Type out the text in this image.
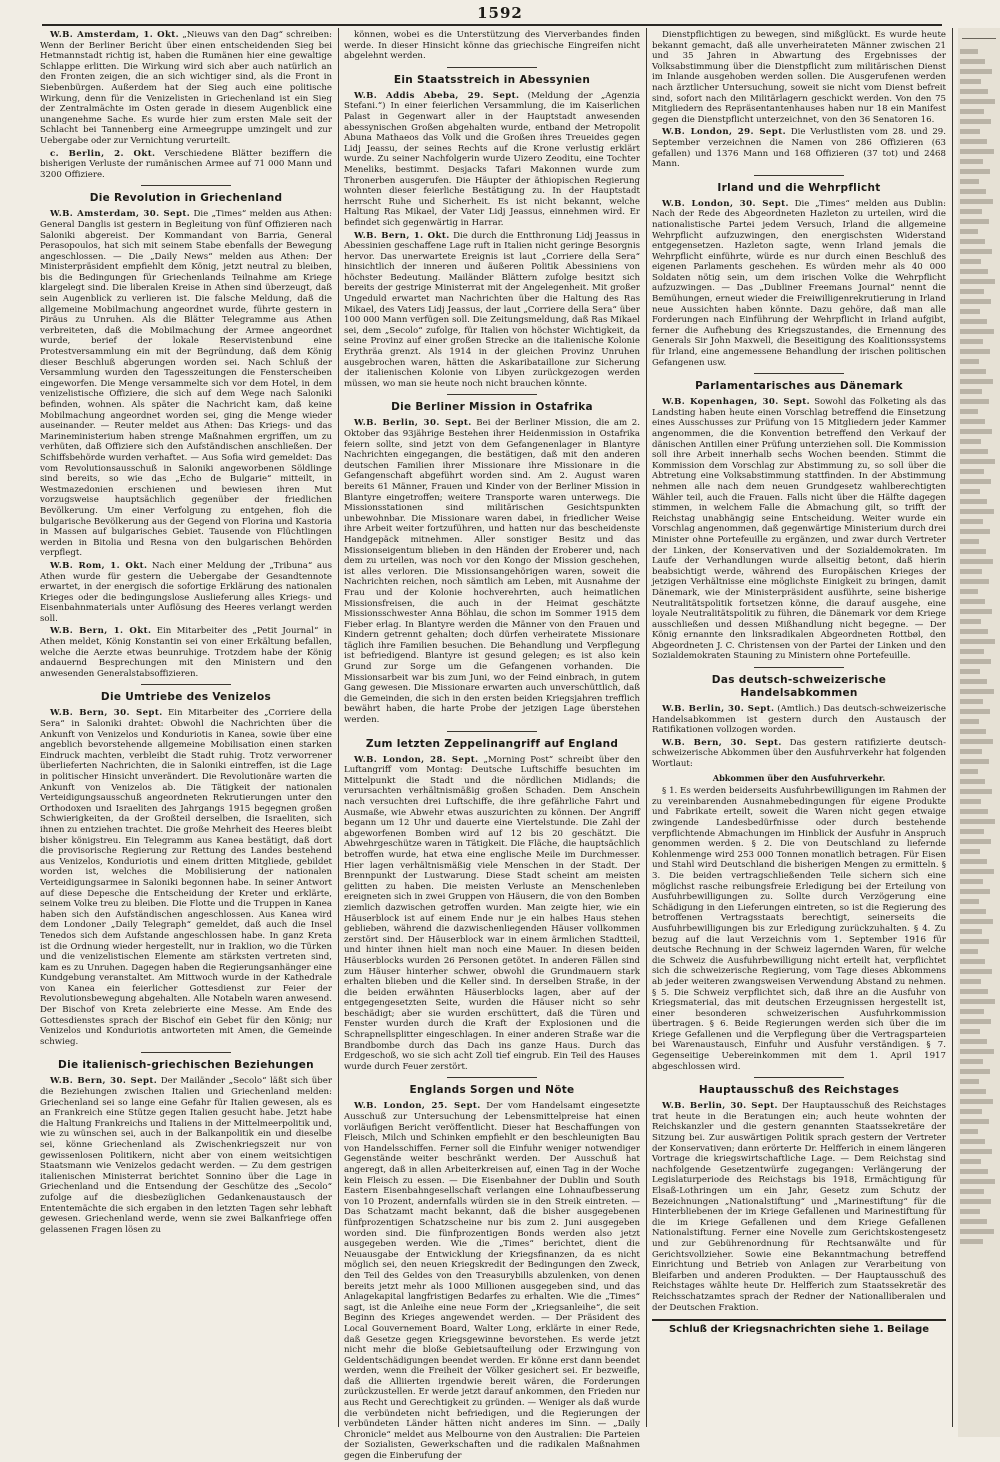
1592
W.B. Amsterdam, 1. Okt. „Nieuws van den Dag“ schreiben: Wenn der Berliner Bericht über einen entscheidenden Sieg bei Hetmannstadt richtig ist, haben die Rumänen hier eine gewaltige Schlappe erlitten. Die Wirkung wird sich aber auch natürlich an den Fronten zeigen, die an sich wichtiger sind, als die Front in Siebenbürgen. Außerdem hat der Sieg auch eine politische Wirkung, denn für die Venizelisten in Griechenland ist ein Sieg der Zentralmächte im Osten gerade in diesem Augenblick eine unangenehme Sache. Es wurde hier zum ersten Male seit der Schlacht bei Tannenberg eine Armeegruppe umzingelt und zur Uebergabe oder zur Vernichtung verurteilt.
c. Berlin, 2. Okt. Verschiedene Blätter beziffern die bisherigen Verluste der rumänischen Armee auf 71 000 Mann und 3200 Offiziere.
Die Revolution in Griechenland
W.B. Amsterdam, 30. Sept. Die „Times“ melden aus Athen: General Danglis ist gestern in Begleitung von fünf Offizieren nach Saloniki abgereist. Der Kommandant von Barria, General Perasopoulos, hat sich mit seinem Stabe ebenfalls der Bewegung angeschlossen. — Die „Daily News“ melden aus Athen: Der Ministerpräsident empfiehlt dem König, jetzt neutral zu bleiben, bis die Bedingungen für Griechenlands Teilnahme am Kriege klargelegt sind. Die liberalen Kreise in Athen sind überzeugt, daß sein Augenblick zu verlieren ist. Die falsche Meldung, daß die allgemeine Mobilmachung angeordnet wurde, führte gestern in Piräus zu Unruhen. Als die Blätter Telegramme aus Athen verbreiteten, daß die Mobilmachung der Armee angeordnet wurde, berief der lokale Reservistenbund eine Protestversammlung ein mit der Begründung, daß dem König dieser Beschluß abgerungen worden sei. Nach Schluß der Versammlung wurden den Tagesszeitungen die Fensterscheiben eingeworfen. Die Menge versammelte sich vor dem Hotel, in dem venizelistische Offiziere, die sich auf dem Wege nach Saloniki befinden, wohnen. Als später die Nachricht kam, daß keine Mobilmachung angeordnet worden sei, ging die Menge wieder auseinander. — Reuter meldet aus Athen: Das Kriegs- und das Marineministerium haben strenge Maßnahmen ergriffen, um zu verhüten, daß Offiziere sich den Aufständischen anschließen. Der Schiffsbehörde wurden verhaftet. — Aus Sofia wird gemeldet: Das vom Revolutionsausschuß in Saloniki angeworbenen Söldlinge sind bereits, so wie das „Echo de Bulgarie“ mitteilt, in Westmazedonien erschienen und bewiesen ihren Mut vorzugsweise hauptsächlich gegenüber der friedlichen Bevölkerung. Um einer Verfolgung zu entgehen, floh die bulgarische Bevölkerung aus der Gegend von Florina und Kastoria in Massen auf bulgarisches Gebiet. Tausende von Flüchtlingen werden in Bitolia und Resna von den bulgarischen Behörden verpflegt.
W.B. Rom, 1. Okt. Nach einer Meldung der „Tribuna“ aus Athen wurde für gestern die Uebergabe der Gesandtennote erwartet, in der energisch die sofortige Erklärung des nationalen Krieges oder die bedingungslose Auslieferung alles Kriegs- und Eisenbahnmaterials unter Auflösung des Heeres verlangt werden soll.
W.B. Bern, 1. Okt. Ein Mitarbeiter des „Petit Journal“ in Athen meldet, König Konstantin sei von einer Erkältung befallen, welche die Aerzte etwas beunruhige. Trotzdem habe der König andauernd Besprechungen mit den Ministern und den anwesenden Generalstabsoffizieren.
Die Umtriebe des Venizelos
W.B. Bern, 30. Sept. Ein Mitarbeiter des „Corriere della Sera“ in Saloniki drahtet: Obwohl die Nachrichten über die Ankunft von Venizelos und Konduriotis in Kanea, sowie über eine angeblich bevorstehende allgemeine Mobilisation einen starken Eindruck machten, verbleibt die Stadt ruhig. Trotz verworrener überlieferten Nachrichten, die in Saloniki eintreffen, ist die Lage in politischer Hinsicht unverändert. Die Revolutionäre warten die Ankunft von Venizelos ab. Die Tätigkeit der nationalen Verteidigungsausschuß angeordneten Rekrutierungen unter den Orthodoxen und Israeliten des Jahrgangs 1915 begegnen großen Schwierigkeiten, da der Großteil derselben, die Israeliten, sich ihnen zu entziehen trachtet. Die große Mehrheit des Heeres bleibt bisher königstreu. Ein Telegramm aus Kanea bestätigt, daß dort die provisorische Regierung zur Rettung des Landes bestehend aus Venizelos, Konduriotis und einem dritten Mitgliede, gebildet worden ist, welches die Mobilisierung der nationalen Verteidigungsarmee in Saloniki begonnen habe. In seiner Antwort auf diese Depesche die Entscheidung der Kreter und erklärte, seinem Volke treu zu bleiben. Die Flotte und die Truppen in Kanea haben sich den Aufständischen angeschlossen. Aus Kanea wird dem Londoner „Daily Telegraph“ gemeldet, daß auch die Insel Tenedos sich dem Aufstande angeschlossen habe. In ganz Kreta ist die Ordnung wieder hergestellt, nur in Iraklion, wo die Türken und die venizelistischen Elemente am stärksten vertreten sind, kam es zu Unruhen. Dagegen haben die Regierungsanhänger eine Kundgebung veranstaltet. Am Mittwoch wurde in der Kathedrale von Kanea ein feierlicher Gottesdienst zur Feier der Revolutionsbewegung abgehalten. Alle Notabeln waren anwesend. Der Bischof von Kreta zelebrierte eine Messe. Am Ende des Gottesdienstes sprach der Bischof ein Gebet für den König; nur Venizelos und Konduriotis antworteten mit Amen, die Gemeinde schwieg.
Die italienisch-griechischen Beziehungen
W.B. Bern, 30. Sept. Der Mailänder „Secolo“ läßt sich über die Beziehungen zwischen Italien und Griechenland melden: Griechenland sei so lange eine Gefahr für Italien gewesen, als es an Frankreich eine Stütze gegen Italien gesucht habe. Jetzt habe die Haltung Frankreichs und Italiens in der Mittelmeerpolitik und, wie zu wünschen sei, auch in der Balkanpolitik ein und dieselbe sei, könne Griechenland als Zwischenkriegszeit nur von gewissenlosen Politikern, nicht aber von einem weitsichtigen Staatsmann wie Venizelos gedacht werden. — Zu dem gestrigen italienischen Ministerrat berichtet Sonnino über die Lage in Griechenland und die Entsendung der Geschütze des „Secolo“ zufolge auf die diesbezüglichen Gedankenaustausch der Ententemächte die sich ergaben in den letzten Tagen sehr lebhaft gewesen. Griechenland werde, wenn sie zwei Balkanfriege offen gelassenen Fragen lösen zu
können, wobei es die Unterstützung des Vierverbandes finden werde. In dieser Hinsicht könne das griechische Eingreifen nicht abgelehnt werden.
Ein Staatsstreich in Abessynien
W.B. Addis Abeba, 29. Sept. (Meldung der „Agenzia Stefani.“) In einer feierlichen Versammlung, die im Kaiserlichen Palast in Gegenwart aller in der Hauptstadt anwesenden abessynischen Großen abgehalten wurde, entband der Metropolit Abuna Mathaeos das Volk und die Großen ihres Treueides gegen Lidj Jeassu, der seines Rechts auf die Krone verlustig erklärt wurde. Zu seiner Nachfolgerin wurde Uizero Zeoditu, eine Tochter Meneliks, bestimmt. Desjacks Tafari Makonnen wurde zum Thronerben ausgerufen. Die Häupter der äthiopischen Regierung wohnten dieser feierliche Bestätigung zu. In der Hauptstadt herrscht Ruhe und Sicherheit. Es ist nicht bekannt, welche Haltung Ras Mikael, der Vater Lidj Jeassus, einnehmen wird. Er befindet sich gegenwärtig in Harrar.
W.B. Bern, 1. Okt. Die durch die Entthronung Lidj Jeassus in Abessinien geschaffene Lage ruft in Italien nicht geringe Besorgnis hervor. Das unerwartete Ereignis ist laut „Corriere della Sera“ hinsichtlich der inneren und äußeren Politik Abessiniens von höchster Bedeutung. Mailänder Blättern zufolge besitzt sich bereits der gestrige Ministerrat mit der Angelegenheit. Mit großer Ungeduld erwartet man Nachrichten über die Haltung des Ras Mikael, des Vaters Lidj Jeassus, der laut „Corriere della Sera“ über 100 000 Mann verfügen soll. Die Zeitungsmeldung, daß Ras Mikael sei, dem „Secolo“ zufolge, für Italien von höchster Wichtigkeit, da seine Provinz auf einer großen Strecke an die italienische Kolonie Erythräa grenzt. Als 1914 in der gleichen Provinz Unruhen ausgebrochen waren, hätten die Askaribataillone zur Sicherung der italienischen Kolonie von Libyen zurückgezogen werden müssen, wo man sie heute noch nicht brauchen könnte.
Die Berliner Mission in Ostafrika
W.B. Berlin, 30. Sept. Bei der Berliner Mission, die am 2. Oktober das 93jährige Bestehen ihrer Heidenmission in Ostafrika feiern sollte, sind jetzt von dem Gefangenenlager in Blantyre Nachrichten eingegangen, die bestätigen, daß mit den anderen deutschen Familien ihrer Missionare ihre Missionare in die Gefangenschaft abgeführt worden sind. Am 2. August waren bereits 61 Männer, Frauen und Kinder von der Berliner Mission in Blantyre eingetroffen; weitere Transporte waren unterwegs. Die Missionsstationen sind militärischen Gesichtspunkten unbewohnbar. Die Missionare waren dabei, in friedlicher Weise ihre Arbeit weiter fortzuführen, und hatten nur das bescheidenste Handgepäck mitnehmen. Aller sonstiger Besitz und das Missionseigentum blieben in den Händen der Eroberer und, nach dem zu urteilen, was noch vor den Kongo der Mission geschehen, ist alles verloren. Die Missionsangehörigen waren, soweit die Nachrichten reichen, noch sämtlich am Leben, mit Ausnahme der Frau und der Kolonie hochverehrten, auch heimatlichen Missionsfreisen, die auch in der Heimat geschätzte Missionsschwester Anna Böhlau, die schon im Sommer 1915 dem Fieber erlag. In Blantyre werden die Männer von den Frauen und Kindern getrennt gehalten; doch dürfen verheiratete Missionare täglich ihre Familien besuchen. Die Behandlung und Verpflegung ist befriedigend. Blantyre ist gesund gelegen; es ist also kein Grund zur Sorge um die Gefangenen vorhanden. Die Missionsarbeit war bis zum Juni, wo der Feind einbrach, in gutem Gang gewesen. Die Missionare erwarten auch unverschüttlich, daß die Gemeinden, die sich in den ersten beiden Kriegsjahren trefflich bewährt haben, die harte Probe der jetzigen Lage überstehen werden.
Zum letzten Zeppelinangriff auf England
W.B. London, 28. Sept. „Morning Post“ schreibt über den Luftangriff vom Montag: Deutsche Luftschiffe besuchten im Mittelpunkt die Stadt und die nördlichen Midlands; die verursachten verhältnismäßig großen Schaden. Dem Anschein nach versuchten drei Luftschiffe, die ihre gefährliche Fahrt und Ausmaße, wie Abwehr etwas auszurichten zu können. Der Angriff begann um 12 Uhr und dauerte eine Viertelstunde. Die Zahl der abgeworfenen Bomben wird auf 12 bis 20 geschätzt. Die Abwehrgeschütze waren in Tätigkeit. Die Fläche, die hauptsächlich betroffen wurde, hat etwa eine englische Meile im Durchmesser. Hier lagen verhältnismäßig viele Menschen in der Stadt. Der Brennpunkt der Lustwarung. Diese Stadt scheint am meisten gelitten zu haben. Die meisten Verluste an Menschenleben ereigneten sich in zwei Gruppen von Häusern, die von den Bomben ziemlich dazwischen getroffen wurden. Man zeigte hier, wie ein Häuserblock ist auf einem Ende nur je ein halbes Haus stehen geblieben, während die dazwischenliegenden Häuser vollkommen zerstört sind. Der Häuserblock war in einem ärmlichen Stadtteil, und hinter ihnen hielt man noch eine Mauer. In diesen beiden Häuserblocks wurden 26 Personen getötet. In anderen Fällen sind zum Häuser hinterher schwer, obwohl die Grundmauern stark erhalten blieben und die Keller sind. In derselben Straße, in der die beiden erwähnten Häuserblocks lagen, aber auf der entgegengesetzten Seite, wurden die Häuser nicht so sehr beschädigt; aber sie wurden erschüttert, daß die Türen und Fenster wurden durch die Kraft der Explosionen und die Schrapnellsplitter eingeschlagen. In einer anderen Straße war die Brandbombe durch das Dach ins ganze Haus. Durch das Erdgeschoß, wo sie sich acht Zoll tief eingrub. Ein Teil des Hauses wurde durch Feuer zerstört.
Englands Sorgen und Nöte
W.B. London, 25. Sept. Der vom Handelsamt eingesetzte Ausschuß zur Untersuchung der Lebensmittelpreise hat einen vorläufigen Bericht veröffentlicht. Dieser hat Beschaffungen von Fleisch, Milch und Schinken empfiehlt er den beschleunigten Bau von Handelsschiffen. Ferner soll die Einfuhr weniger notwendiger Gegenstände weiter beschränkt werden. Der Ausschuß hat angeregt, daß in allen Arbeiterkreisen auf, einen Tag in der Woche kein Fleisch zu essen. — Die Eisenbahner der Dublin und South Eastern Eisenbahngesellschaft verlangen eine Lohnaufbesserung von 10 Prozent, andernfalls würden sie in den Streik eintreten. — Das Schatzamt macht bekannt, daß die bisher ausgegebenen fünfprozentigen Schatzscheine nur bis zum 2. Juni ausgegeben worden sind. Die fünfprozentigen Bonds werden also jetzt ausgegeben werden. Wie die „Times“ berichtet, dient die Neuausgabe der Entwicklung der Kriegsfinanzen, da es nicht möglich sei, den neuen Kriegskredit der Bedingungen den Zweck, den Teil des Geldes von den Treasurybills abzulenken, von denen bereits jetzt mehr als 1000 Millionen ausgegeben sind, und das Anlagekapital langfristigen Bedarfes zu erhalten. Wie die „Times“ sagt, ist die Anleihe eine neue Form der „Kriegsanleihe“, die seit Beginn des Krieges angewendet werden. — Der Präsident des Local Gouvernement Board, Walter Long, erklärte in einer Rede, daß Gesetze gegen Kriegsgewinne bevorstehen. Es werde jetzt nicht mehr die bloße Gebietsaufteilung oder Erzwingung von Geldentschädigungen beendet werden. Er könne erst dann beendet werden, wenn die Freiheit der Völker gesichert sei. Er bezweifle, daß die Alliierten irgendwie bereit wären, die Forderungen zurückzustellen. Er werde jetzt darauf ankommen, den Frieden nur aus Recht und Gerechtigkeit zu gründen. — Weniger als daß wurde die verbündeten nicht befriedigen, und die Regierungen der verbündeten Länder hätten nicht anderes im Sinn. — „Daily Chronicle“ meldet aus Melbourne von den Australien: Die Parteien der Sozialisten, Gewerkschaften und die radikalen Maßnahmen gegen die Einberufung der
Dienstpflichtigen zu bewegen, sind mißglückt. Es wurde heute bekannt gemacht, daß alle unverheirateten Männer zwischen 21 und 35 Jahren in Abwartung des Ergebnisses der Volksabstimmung über die Dienstpflicht zum militärischen Dienst im Inlande ausgehoben werden sollen. Die Ausgerufenen werden nach ärztlicher Untersuchung, soweit sie nicht vom Dienst befreit sind, sofort nach den Militärlagern geschickt werden. Von den 75 Mitgliedern des Repräsentantenhauses haben nur 18 ein Manifest gegen die Dienstpflicht unterzeichnet, von den 36 Senatoren 16.
W.B. London, 29. Sept. Die Verlustlisten vom 28. und 29. September verzeichnen die Namen von 286 Offizieren (63 gefallen) und 1376 Mann und 168 Offizieren (37 tot) und 2468 Mann.
Irland und die Wehrpflicht
W.B. London, 30. Sept. Die „Times“ melden aus Dublin: Nach der Rede des Abgeordneten Hazleton zu urteilen, wird die nationalistische Partei jedem Versuch, Irland die allgemeine Wehrpflicht aufzuzwingen, den energischsten Widerstand entgegensetzen. Hazleton sagte, wenn Irland jemals die Wehrpflicht einführte, würde es nur durch einen Beschluß des eigenen Parlaments geschehen. Es würden mehr als 40 000 Soldaten nötig sein, um dem irischen Volke die Wehrpflicht aufzuzwingen. — Das „Dubliner Freemans Journal“ nennt die Bemühungen, erneut wieder die Freiwilligenrekrutierung in Irland neue Aussichten haben könnte. Dazu gehöre, daß man alle Forderungen nach Einführung der Wehrpflicht in Irland aufgibt, ferner die Aufhebung des Kriegszustandes, die Ernennung des Generals Sir John Maxwell, die Beseitigung des Koalitionssystems für Irland, eine angemessene Behandlung der irischen politischen Gefangenen usw.
Parlamentarisches aus Dänemark
W.B. Kopenhagen, 30. Sept. Sowohl das Folketing als das Landsting haben heute einen Vorschlag betreffend die Einsetzung eines Ausschusses zur Prüfung von 15 Mitgliedern jeder Kammer angenommen, die die Konvention betreffend den Verkauf der dänischen Antillen einer Prüfung unterziehen soll. Die Kommission soll ihre Arbeit innerhalb sechs Wochen beenden. Stimmt die Kommission dem Vorschlag zur Abstimmung zu, so soll über die Abtretung eine Volksabstimmung stattfinden. In der Abstimmung nehmen alle nach dem neuen Grundgesetz wahlberechtigten Wähler teil, auch die Frauen. Falls nicht über die Hälfte dagegen stimmen, in welchem Falle die Abmachung gilt, so trifft der Reichstag unabhängig seine Entscheidung. Weiter wurde ein Vorschlag angenommen, daß gegenwärtige Ministerium durch drei Minister ohne Portefeuille zu ergänzen, und zwar durch Vertreter der Linken, der Konservativen und der Sozialdemokraten. Im Laufe der Verhandlungen wurde allseitig betont, daß hierin beabsichtigt werde, während des Europäischen Krieges der jetzigen Verhältnisse eine möglichste Einigkeit zu bringen, damit Dänemark, wie der Ministerpräsident ausführte, seine bisherige Neutralitätspolitik fortsetzen könne, die darauf ausgehe, eine loyale Neutralitätspolitik zu führen, die Dänemark vor dem Kriege ausschließen und dessen Mißhandlung nicht begegne. — Der König ernannte den linksradikalen Abgeordneten Rottbøl, den Abgeordneten J. C. Christensen von der Partei der Linken und den Sozialdemokraten Stauning zu Ministern ohne Portefeuille.
Das deutsch-schweizerische Handelsabkommen
W.B. Berlin, 30. Sept. (Amtlich.) Das deutsch-schweizerische Handelsabkommen ist gestern durch den Austausch der Ratifikationen vollzogen worden.
W.B. Bern, 30. Sept. Das gestern ratifizierte deutsch-schweizerische Abkommen über den Ausfuhrverkehr hat folgenden Wortlaut:
Abkommen über den Ausfuhrverkehr.
§ 1. Es werden beiderseits Ausfuhrbewilligungen im Rahmen der zu vereinbarenden Ausnahmebedingungen für eigene Produkte und Fabrikate erteilt, soweit die Waren nicht gegen etwaige zwingende Landesbedürfnisse oder durch bestehende verpflichtende Abmachungen im Hinblick der Ausfuhr in Anspruch genommen werden. § 2. Die von Deutschland zu liefernde Kohlenmenge wird 253 000 Tonnen monatlich betragen. Für Eisen und Stahl wird Deutschland die bisherigen Mengen zu ermitteln. § 3. Die beiden vertragschließenden Teile sichern sich eine möglichst rasche reibungsfreie Erledigung bei der Erteilung von Ausfuhrbewilligungen zu. Sollte durch Verzögerung eine Schädigung in den Lieferungen eintreten, so ist die Regierung des betroffenen Vertragsstaats berechtigt, seinerseits die Ausfuhrbewilligungen bis zur Erledigung zurückzuhalten. § 4. Zu bezug auf die laut Verzeichnis vom 1. September 1916 für deutsche Rechnung in der Schweiz lagernden Waren, für welche die Schweiz die Ausfuhrbewilligung nicht erteilt hat, verpflichtet sich die schweizerische Regierung, vom Tage dieses Abkommens ab jeder weiteren zwangsweisen Verwendung Abstand zu nehmen. § 5. Die Schweiz verpflichtet sich, daß ihre an die Ausfuhr von Kriegsmaterial, das mit deutschen Erzeugnissen hergestellt ist, einer besonderen schweizerischen Ausfuhrkommission übertragen. § 6. Beide Regierungen werden sich über die im Kriege Gefallenen und die Verpflegung über die Vertragsparteien bei Warenaustausch, Einfuhr und Ausfuhr verständigen. § 7. Gegenseitige Uebereinkommen mit dem 1. April 1917 abgeschlossen wird.
Hauptausschuß des Reichstages
W.B. Berlin, 30. Sept. Der Hauptausschuß des Reichstages trat heute in die Beratungen ein; auch heute wohnten der Reichskanzler und die gestern genannten Staatssekretäre der Sitzung bei. Zur auswärtigen Politik sprach gestern der Vertreter der Konservativen; dann erörterte Dr. Helfferich in einem längeren Vortrage die kriegswirtschaftliche Lage. — Dem Reichstag sind nachfolgende Gesetzentwürfe zugegangen: Verlängerung der Legislaturperiode des Reichstags bis 1918, Ermächtigung für Elsaß-Lothringen um ein Jahr, Gesetz zum Schutz der Bezeichnungen „Nationalstiftung“ und „Marinestiftung“ für die Hinterbliebenen der im Kriege Gefallenen und Marinestiftung für die im Kriege Gefallenen und dem Kriege Gefallenen Nationalstiftung. Ferner eine Novelle zum Gerichtskostengesetz und zur Gebührenordnung für Rechtsanwälte und für Gerichtsvollzieher. Sowie eine Bekanntmachung betreffend Einrichtung und Betrieb von Anlagen zur Verarbeitung von Bleifarben und anderen Produkten. — Der Hauptausschuß des Reichstages wählte heute Dr. Helfferich zum Staatssekretär des Reichsschatzamtes sprach der Redner der Nationalliberalen und der Deutschen Fraktion.
Schluß der Kriegsnachrichten siehe 1. Beilage
